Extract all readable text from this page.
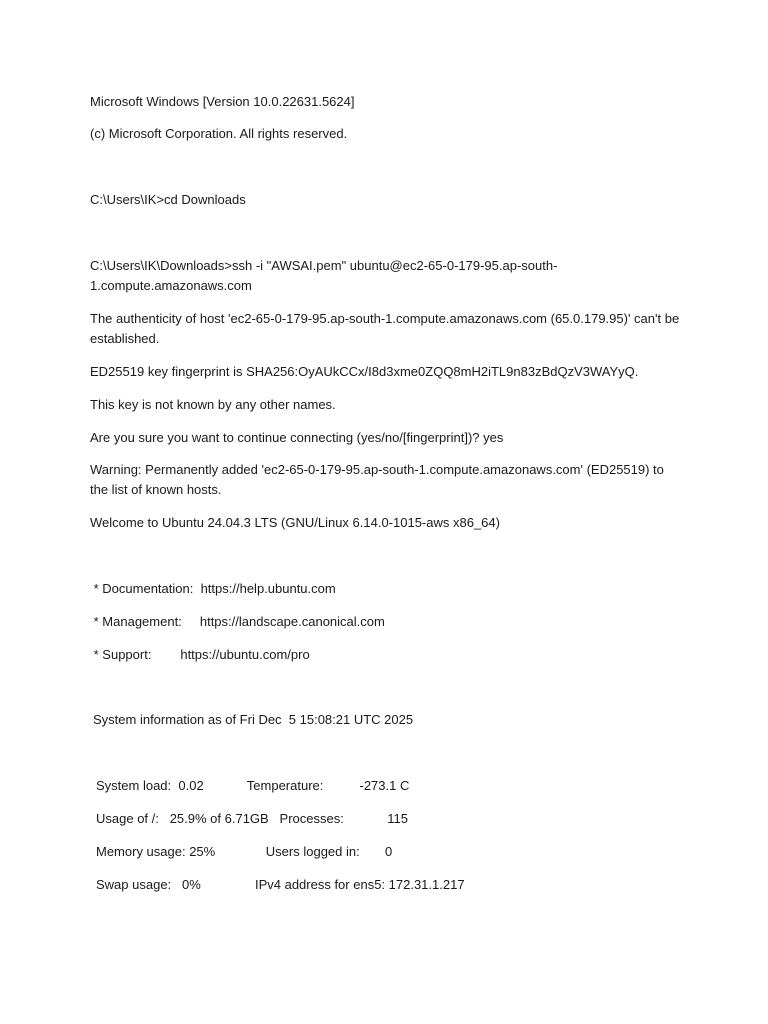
Microsoft Windows [Version 10.0.22631.5624]
(c) Microsoft Corporation. All rights reserved.
C:\Users\IK>cd Downloads
C:\Users\IK\Downloads>ssh -i "AWSAI.pem" ubuntu@ec2-65-0-179-95.ap-south-1.compute.amazonaws.com
The authenticity of host 'ec2-65-0-179-95.ap-south-1.compute.amazonaws.com (65.0.179.95)' can't be established.
ED25519 key fingerprint is SHA256:OyAUkCCx/I8d3xme0ZQQ8mH2iTL9n83zBdQzV3WAYyQ.
This key is not known by any other names.
Are you sure you want to continue connecting (yes/no/[fingerprint])? yes
Warning: Permanently added 'ec2-65-0-179-95.ap-south-1.compute.amazonaws.com' (ED25519) to the list of known hosts.
Welcome to Ubuntu 24.04.3 LTS (GNU/Linux 6.14.0-1015-aws x86_64)
* Documentation:  https://help.ubuntu.com
* Management:     https://landscape.canonical.com
* Support:        https://ubuntu.com/pro
System information as of Fri Dec  5 15:08:21 UTC 2025
System load:  0.02            Temperature:          -273.1 C
Usage of /:   25.9% of 6.71GB   Processes:            115
Memory usage: 25%              Users logged in:       0
Swap usage:   0%               IPv4 address for ens5: 172.31.1.217
